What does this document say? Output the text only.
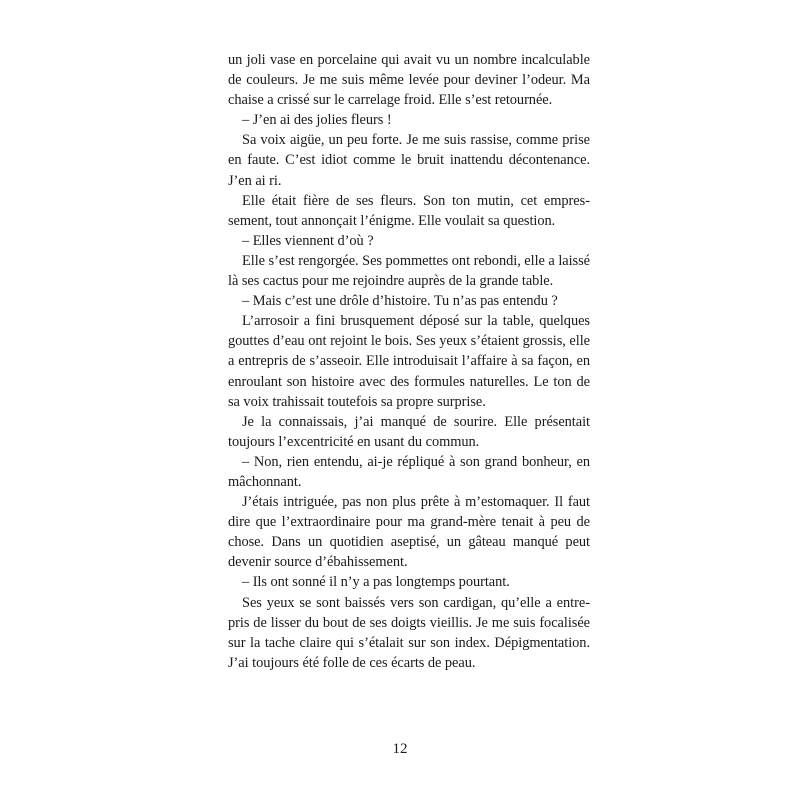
un joli vase en porcelaine qui avait vu un nombre incalculable de couleurs. Je me suis même levée pour deviner l’odeur. Ma chaise a crissé sur le carrelage froid. Elle s’est retournée.

– J’en ai des jolies fleurs !

Sa voix aigüe, un peu forte. Je me suis rassise, comme prise en faute. C’est idiot comme le bruit inattendu décontenance. J’en ai ri.

Elle était fière de ses fleurs. Son ton mutin, cet empressement, tout annonçait l’énigme. Elle voulait sa question.

– Elles viennent d’où ?

Elle s’est rengorgée. Ses pommettes ont rebondi, elle a laissé là ses cactus pour me rejoindre auprès de la grande table.

– Mais c’est une drôle d’histoire. Tu n’as pas entendu ?

L’arrosoir a fini brusquement déposé sur la table, quelques gouttes d’eau ont rejoint le bois. Ses yeux s’étaient grossis, elle a entrepris de s’asseoir. Elle introduisait l’affaire à sa façon, en enroulant son histoire avec des formules naturelles. Le ton de sa voix trahissait toutefois sa propre surprise.

Je la connaissais, j’ai manqué de sourire. Elle présentait toujours l’excentricité en usant du commun.

– Non, rien entendu, ai-je répliqué à son grand bonheur, en mâchonnant.

J’étais intriguée, pas non plus prête à m’estomaquer. Il faut dire que l’extraordinaire pour ma grand-mère tenait à peu de chose. Dans un quotidien aseptisé, un gâteau manqué peut devenir source d’ébahissement.

– Ils ont sonné il n’y a pas longtemps pourtant.

Ses yeux se sont baissés vers son cardigan, qu’elle a entrepris de lisser du bout de ses doigts vieillis. Je me suis focalisée sur la tache claire qui s’étalait sur son index. Dépigmentation. J’ai toujours été folle de ces écarts de peau.

12
